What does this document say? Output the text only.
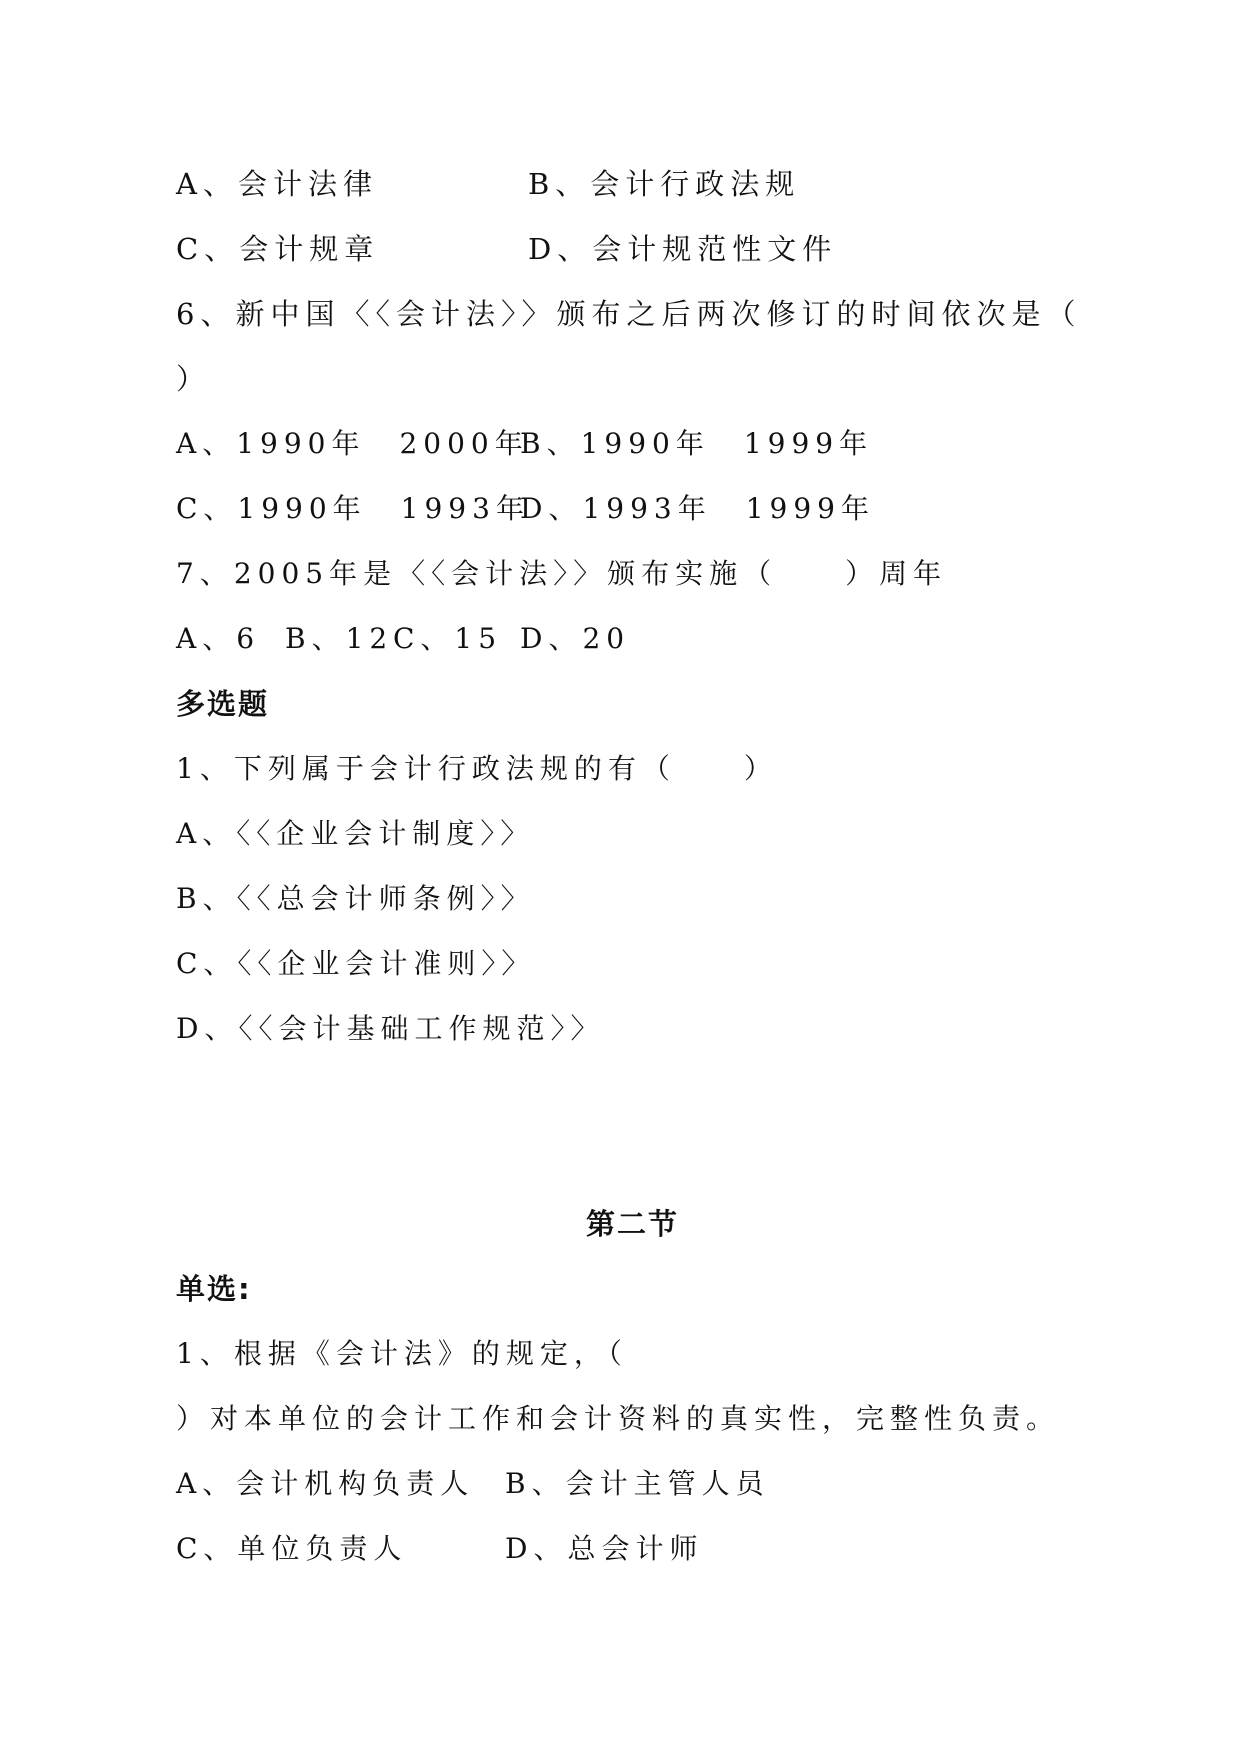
A、会计法律	B、会计行政法规
C、会计规章	D、会计规范性文件
6、新中国〈〈会计法〉〉颁布之后两次修订的时间依次是（
）
A、1990年　2000年
B、1990年　1999年
C、1990年　1993年
D、1993年　1999年
7、2005年是〈〈会计法〉〉颁布实施（　　）周年
A、6 B、12 C、15 D、20
多选题
1、下列属于会计行政法规的有（　　）
A、〈〈企业会计制度〉〉
B、〈〈总会计师条例〉〉
C、〈〈企业会计准则〉〉
D、〈〈会计基础工作规范〉〉
第二节
单选:
1、根据《会计法》的规定，（
）对本单位的会计工作和会计资料的真实性，完整性负责。
A、会计机构负责人 B、会计主管人员
C、单位负责人	D、总会计师
